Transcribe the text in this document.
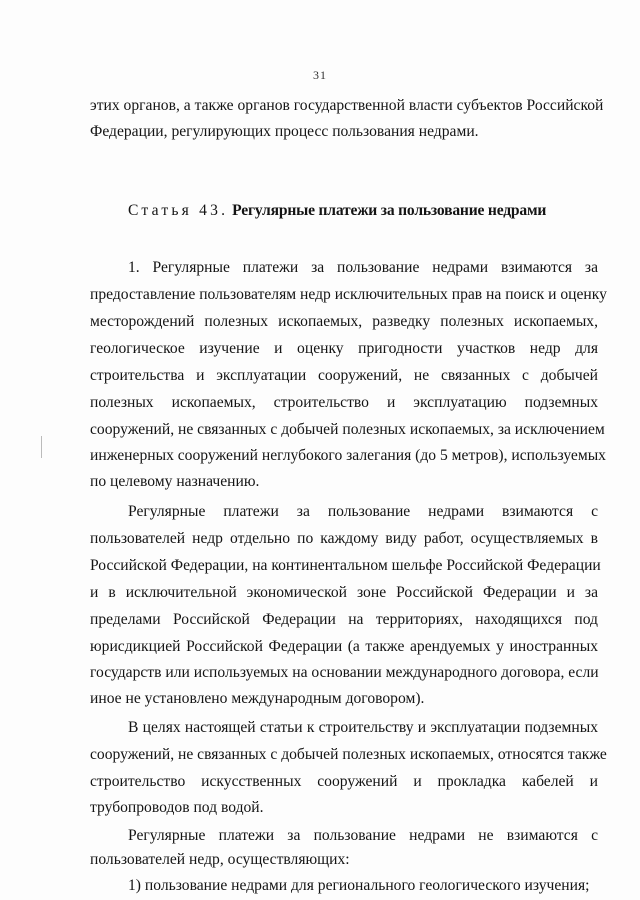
31
этих органов, а также органов государственной власти субъектов Российской
Федерации, регулирующих процесс пользования недрами.
Статья 43. Регулярные платежи за пользование недрами
1. Регулярные платежи за пользование недрами взимаются за
предоставление пользователям недр исключительных прав на поиск и оценку
месторождений полезных ископаемых, разведку полезных ископаемых,
геологическое изучение и оценку пригодности участков недр для
строительства и эксплуатации сооружений, не связанных с добычей
полезных ископаемых, строительство и эксплуатацию подземных
сооружений, не связанных с добычей полезных ископаемых, за исключением
инженерных сооружений неглубокого залегания (до 5 метров), используемых
по целевому назначению.
Регулярные платежи за пользование недрами взимаются с
пользователей недр отдельно по каждому виду работ, осуществляемых в
Российской Федерации, на континентальном шельфе Российской Федерации
и в исключительной экономической зоне Российской Федерации и за
пределами Российской Федерации на территориях, находящихся под
юрисдикцией Российской Федерации (а также арендуемых у иностранных
государств или используемых на основании международного договора, если
иное не установлено международным договором).
В целях настоящей статьи к строительству и эксплуатации подземных
сооружений, не связанных с добычей полезных ископаемых, относятся также
строительство искусственных сооружений и прокладка кабелей и
трубопроводов под водой.
Регулярные платежи за пользование недрами не взимаются с
пользователей недр, осуществляющих:
1) пользование недрами для регионального геологического изучения;
